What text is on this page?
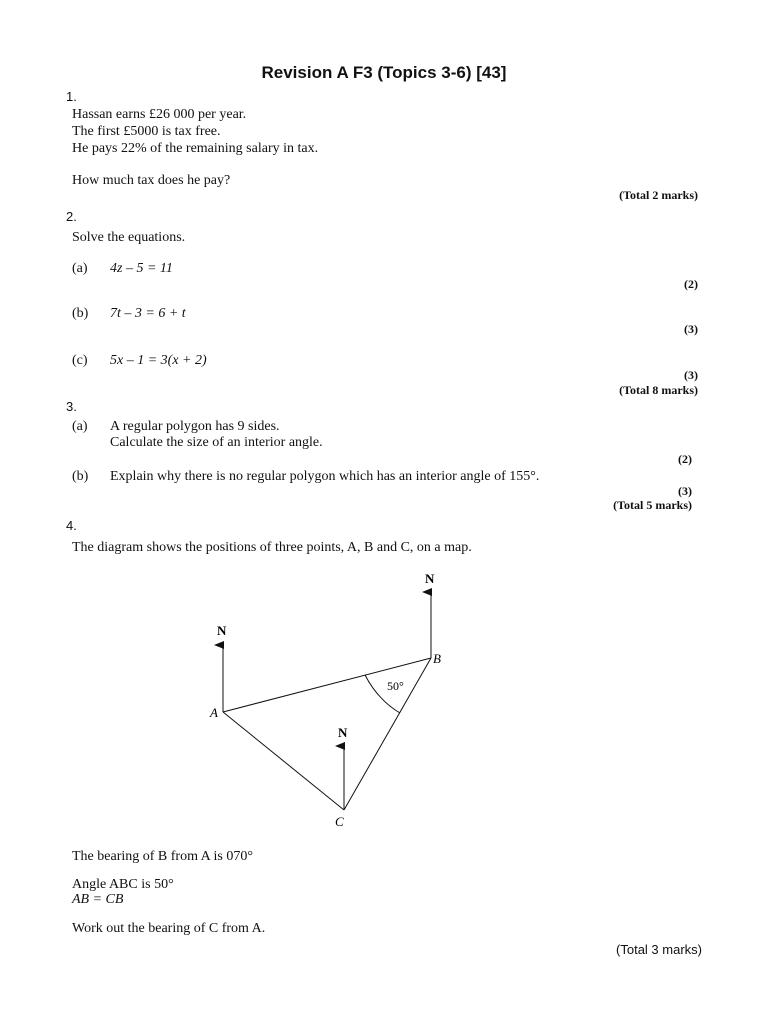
Revision A F3 (Topics 3-6) [43]
1.
Hassan earns £26 000 per year.
The first £5000 is tax free.
He pays 22% of the remaining salary in tax.
How much tax does he pay?
(Total 2 marks)
2.
Solve the equations.
(a) 4z – 5 = 11
(2)
(b) 7t – 3 = 6 + t
(3)
(c) 5x – 1 = 3(x + 2)
(3)
(Total 8 marks)
3.
(a) A regular polygon has 9 sides.
Calculate the size of an interior angle.
(2)
(b) Explain why there is no regular polygon which has an interior angle of 155°.
(3)
(Total 5 marks)
4.
The diagram shows the positions of three points, A, B and C, on a map.
N
N
N
B
A
C
50°
The bearing of B from A is 070°
Angle ABC is 50°
AB = CB
Work out the bearing of C from A.
(Total 3 marks)
